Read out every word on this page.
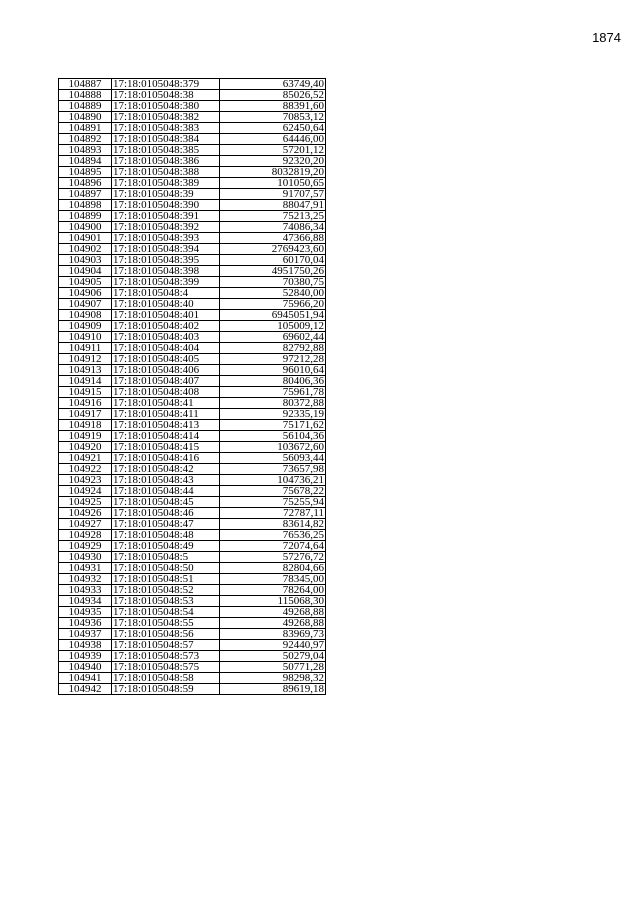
1874
104887	17:18:0105048:379	63749,40
104888	17:18:0105048:38	85026,52
104889	17:18:0105048:380	88391,60
104890	17:18:0105048:382	70853,12
104891	17:18:0105048:383	62450,64
104892	17:18:0105048:384	64446,00
104893	17:18:0105048:385	57201,12
104894	17:18:0105048:386	92320,20
104895	17:18:0105048:388	8032819,20
104896	17:18:0105048:389	101050,65
104897	17:18:0105048:39	91707,57
104898	17:18:0105048:390	88047,91
104899	17:18:0105048:391	75213,25
104900	17:18:0105048:392	74086,34
104901	17:18:0105048:393	47366,88
104902	17:18:0105048:394	2769423,60
104903	17:18:0105048:395	60170,04
104904	17:18:0105048:398	4951750,26
104905	17:18:0105048:399	70380,75
104906	17:18:0105048:4	52840,00
104907	17:18:0105048:40	75966,20
104908	17:18:0105048:401	6945051,94
104909	17:18:0105048:402	105009,12
104910	17:18:0105048:403	69602,44
104911	17:18:0105048:404	82792,88
104912	17:18:0105048:405	97212,28
104913	17:18:0105048:406	96010,64
104914	17:18:0105048:407	80406,36
104915	17:18:0105048:408	75961,78
104916	17:18:0105048:41	80372,88
104917	17:18:0105048:411	92335,19
104918	17:18:0105048:413	75171,62
104919	17:18:0105048:414	56104,36
104920	17:18:0105048:415	103672,60
104921	17:18:0105048:416	56093,44
104922	17:18:0105048:42	73657,98
104923	17:18:0105048:43	104736,21
104924	17:18:0105048:44	75678,22
104925	17:18:0105048:45	75255,94
104926	17:18:0105048:46	72787,11
104927	17:18:0105048:47	83614,82
104928	17:18:0105048:48	76536,25
104929	17:18:0105048:49	72074,64
104930	17:18:0105048:5	57276,72
104931	17:18:0105048:50	82804,66
104932	17:18:0105048:51	78345,00
104933	17:18:0105048:52	78264,00
104934	17:18:0105048:53	115068,30
104935	17:18:0105048:54	49268,88
104936	17:18:0105048:55	49268,88
104937	17:18:0105048:56	83969,73
104938	17:18:0105048:57	92440,97
104939	17:18:0105048:573	50279,04
104940	17:18:0105048:575	50771,28
104941	17:18:0105048:58	98298,32
104942	17:18:0105048:59	89619,18
